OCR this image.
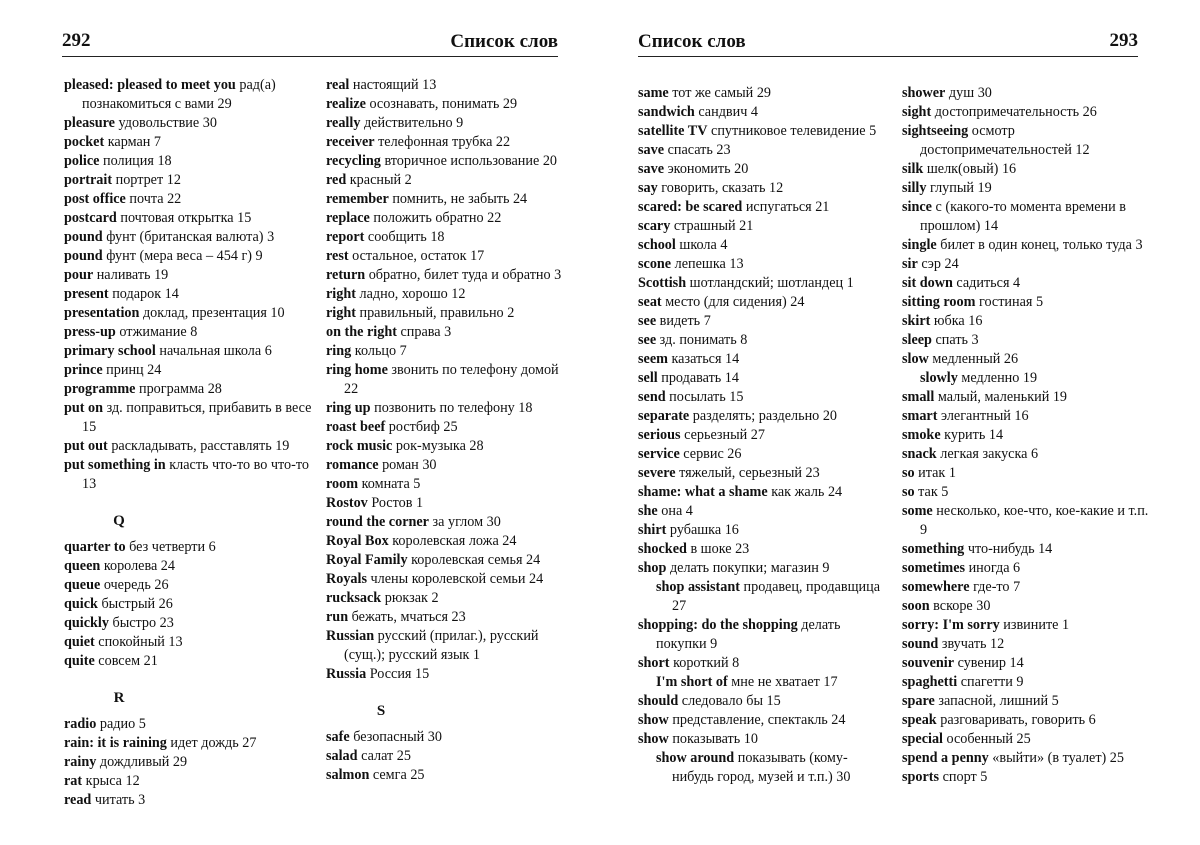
292	Список слов

pleased: pleased to meet you рад(а) познакомиться с вами 29

pleasure удовольствие 30

pocket карман 7

police полиция 18

portrait портрет 12

post office почта 22

postcard почтовая открытка 15

pound фунт (британская валюта) 3

pound фунт (мера веса – 454 г) 9

pour наливать 19

present подарок 14

presentation доклад, презентация 10

press-up отжимание 8

primary school начальная школа 6

prince принц 24

programme программа 28

put on зд. поправиться, прибавить в весе 15

put out раскладывать, расставлять 19

put something in класть что-то во что-то 13

Q

quarter to без четверти 6

queen королева 24

queue очередь 26

quick быстрый 26

quickly быстро 23

quiet спокойный 13

quite совсем 21

R

radio радио 5

rain: it is raining идет дождь 27

rainy дождливый 29

rat крыса 12

read читать 3

real настоящий 13

realize осознавать, понимать 29

really действительно 9

receiver телефонная трубка 22

recycling вторичное использование 20

red красный 2

remember помнить, не забыть 24

replace положить обратно 22

report сообщить 18

rest остальное, остаток 17

return обратно, билет туда и обратно 3

right ладно, хорошо 12

right правильный, правильно 2

on the right справа 3

ring кольцо 7

ring home звонить по телефону домой 22

ring up позвонить по телефону 18

roast beef ростбиф 25

rock music рок-музыка 28

romance роман 30

room комната 5

Rostov Ростов 1

round the corner за углом 30

Royal Box королевская ложа 24

Royal Family королевская семья 24

Royals члены королевской семьи 24

rucksack рюкзак 2

run бежать, мчаться 23

Russian русский (прилаг.), русский (сущ.); русский язык 1

Russia Россия 15

S

safe безопасный 30

salad салат 25

salmon семга 25

Список слов	293

same тот же самый 29

sandwich сандвич 4

satellite TV спутниковое телевидение 5

save спасать 23

save экономить 20

say говорить, сказать 12

scared: be scared испугаться 21

scary страшный 21

school школа 4

scone лепешка 13

Scottish шотландский; шотландец 1

seat место (для сидения) 24

see видеть 7

see зд. понимать 8

seem казаться 14

sell продавать 14

send посылать 15

separate разделять; раздельно 20

serious серьезный 27

service сервис 26

severe тяжелый, серьезный 23

shame: what a shame как жаль 24

she она 4

shirt рубашка 16

shocked в шоке 23

shop делать покупки; магазин 9

shop assistant продавец, продавщица 27

shopping: do the shopping делать покупки 9

short короткий 8

I'm short of мне не хватает 17

should следовало бы 15

show представление, спектакль 24

show показывать 10

show around показывать (кому-нибудь город, музей и т.п.) 30

shower душ 30

sight достопримечательность 26

sightseeing осмотр достопримечательностей 12

silk шелк(овый) 16

silly глупый 19

since с (какого-то момента времени в прошлом) 14

single билет в один конец, только туда 3

sir сэр 24

sit down садиться 4

sitting room гостиная 5

skirt юбка 16

sleep спать 3

slow медленный 26

slowly медленно 19

small малый, маленький 19

smart элегантный 16

smoke курить 14

snack легкая закуска 6

so итак 1

so так 5

some несколько, кое-что, кое-какие и т.п. 9

something что-нибудь 14

sometimes иногда 6

somewhere где-то 7

soon вскоре 30

sorry: I'm sorry извините 1

sound звучать 12

souvenir сувенир 14

spaghetti спагетти 9

spare запасной, лишний 5

speak разговаривать, говорить 6

special особенный 25

spend a penny «выйти» (в туалет) 25

sports спорт 5
